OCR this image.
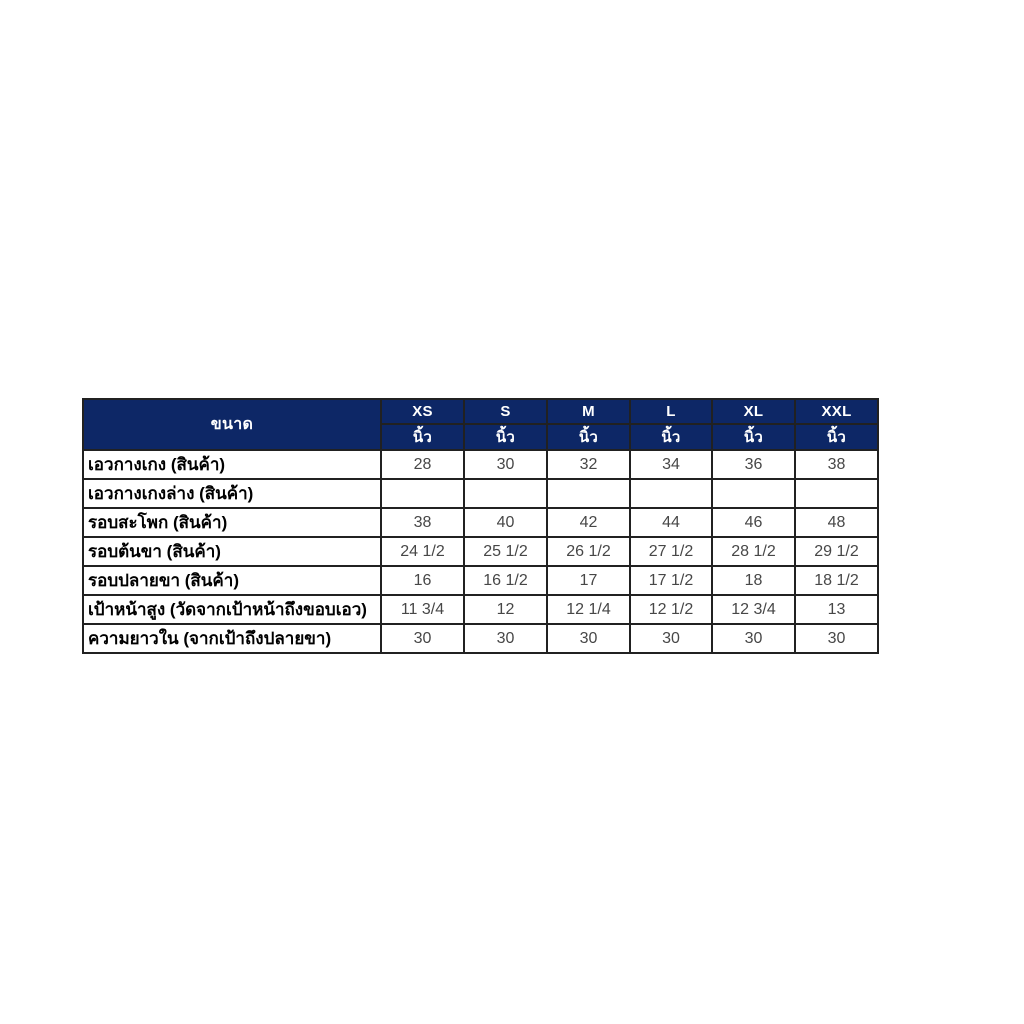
ขนาด	XS	S	M	L	XL	XXL
	นิ้ว	นิ้ว	นิ้ว	นิ้ว	นิ้ว	นิ้ว
เอวกางเกง (สินค้า)	28	30	32	34	36	38
เอวกางเกงล่าง (สินค้า)						
รอบสะโพก (สินค้า)	38	40	42	44	46	48
รอบต้นขา (สินค้า)	24 1/2	25 1/2	26 1/2	27 1/2	28 1/2	29 1/2
รอบปลายขา (สินค้า)	16	16 1/2	17	17 1/2	18	18 1/2
เป้าหน้าสูง (วัดจากเป้าหน้าถึงขอบเอว)	11 3/4	12	12 1/4	12 1/2	12 3/4	13
ความยาวใน (จากเป้าถึงปลายขา)	30	30	30	30	30	30
